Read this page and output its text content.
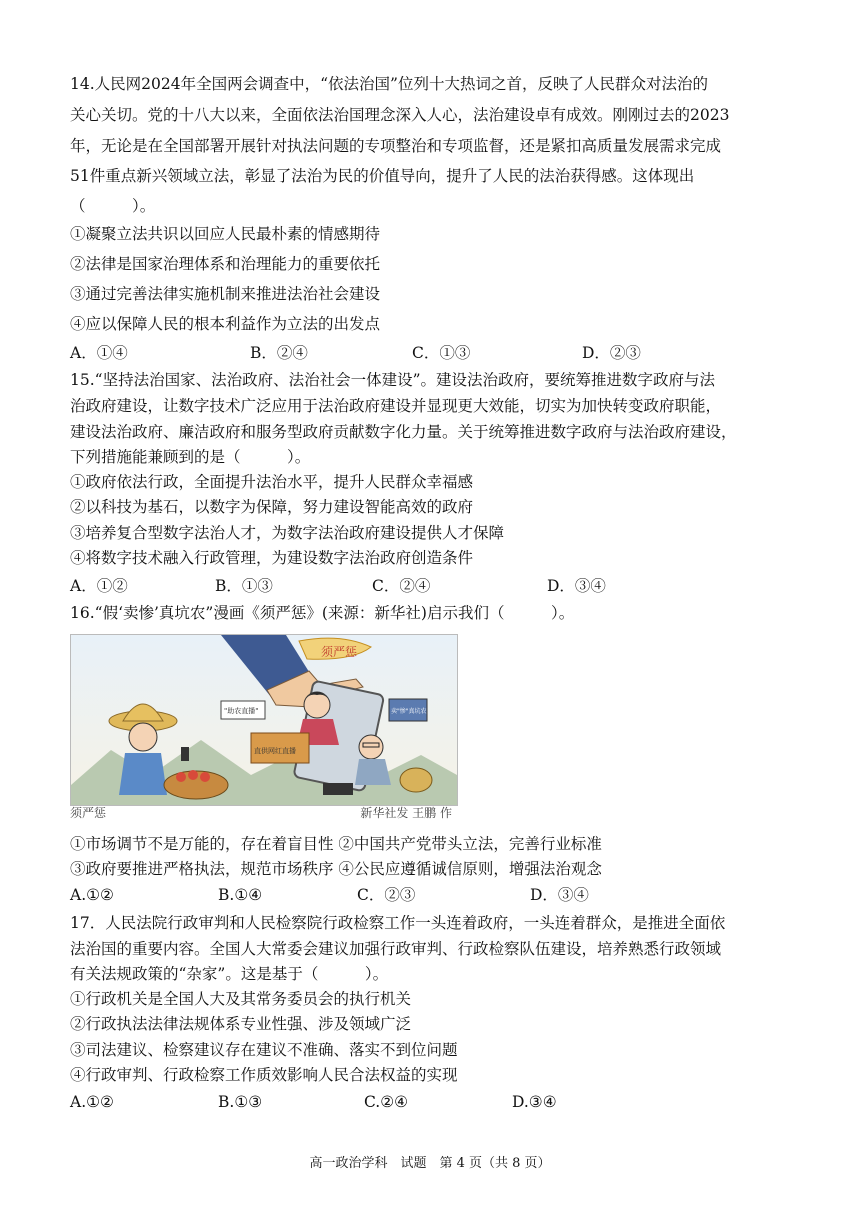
14.人民网2024年全国两会调查中，“依法治国”位列十大热词之首，反映了人民群众对法治的
关心关切。党的十八大以来，全面依法治国理念深入人心，法治建设卓有成效。刚刚过去的2023
年，无论是在全国部署开展针对执法问题的专项整治和专项监督，还是紧扣高质量发展需求完成
51件重点新兴领域立法，彰显了法治为民的价值导向，提升了人民的法治获得感。这体现出
（　　　）。
①凝聚立法共识以回应人民最朴素的情感期待
②法律是国家治理体系和治理能力的重要依托
③通过完善法律实施机制来推进法治社会建设
④应以保障人民的根本利益作为立法的出发点
A．①④	B．②④	C．①③	D．②③
15.“坚持法治国家、法治政府、法治社会一体建设”。建设法治政府，要统筹推进数字政府与法
治政府建设，让数字技术广泛应用于法治政府建设并显现更大效能，切实为加快转变政府职能，
建设法治政府、廉洁政府和服务型政府贡献数字化力量。关于统筹推进数字政府与法治政府建设，
下列措施能兼顾到的是（　　　）。
①政府依法行政，全面提升法治水平，提升人民群众幸福感
②以科技为基石，以数字为保障，努力建设智能高效的政府
③培养复合型数字法治人才，为数字法治政府建设提供人才保障
④将数字技术融入行政管理，为建设数字法治政府创造条件
A．①②	B．①③	C．②④	D．③④
16.“假‘卖惨’真坑农”漫画《须严惩》(来源：新华社)启示我们（　　　）。
须严惩
直供网红直播
"助农直播"	卖"惨"真坑农
须严惩	新华社发 王鹏 作
①市场调节不是万能的，存在着盲目性 ②中国共产党带头立法，完善行业标准
③政府要推进严格执法，规范市场秩序 ④公民应遵循诚信原则，增强法治观念
A.①②	B.①④	C．②③	D．③④
17．人民法院行政审判和人民检察院行政检察工作一头连着政府，一头连着群众，是推进全面依
法治国的重要内容。全国人大常委会建议加强行政审判、行政检察队伍建设，培养熟悉行政领域
有关法规政策的“杂家”。这是基于（　　　）。
①行政机关是全国人大及其常务委员会的执行机关
②行政执法法律法规体系专业性强、涉及领域广泛
③司法建议、检察建议存在建议不准确、落实不到位问题
④行政审判、行政检察工作质效影响人民合法权益的实现
A.①②	B.①③	C.②④	D.③④
高一政治学科　试题　第 4 页（共 8 页）
